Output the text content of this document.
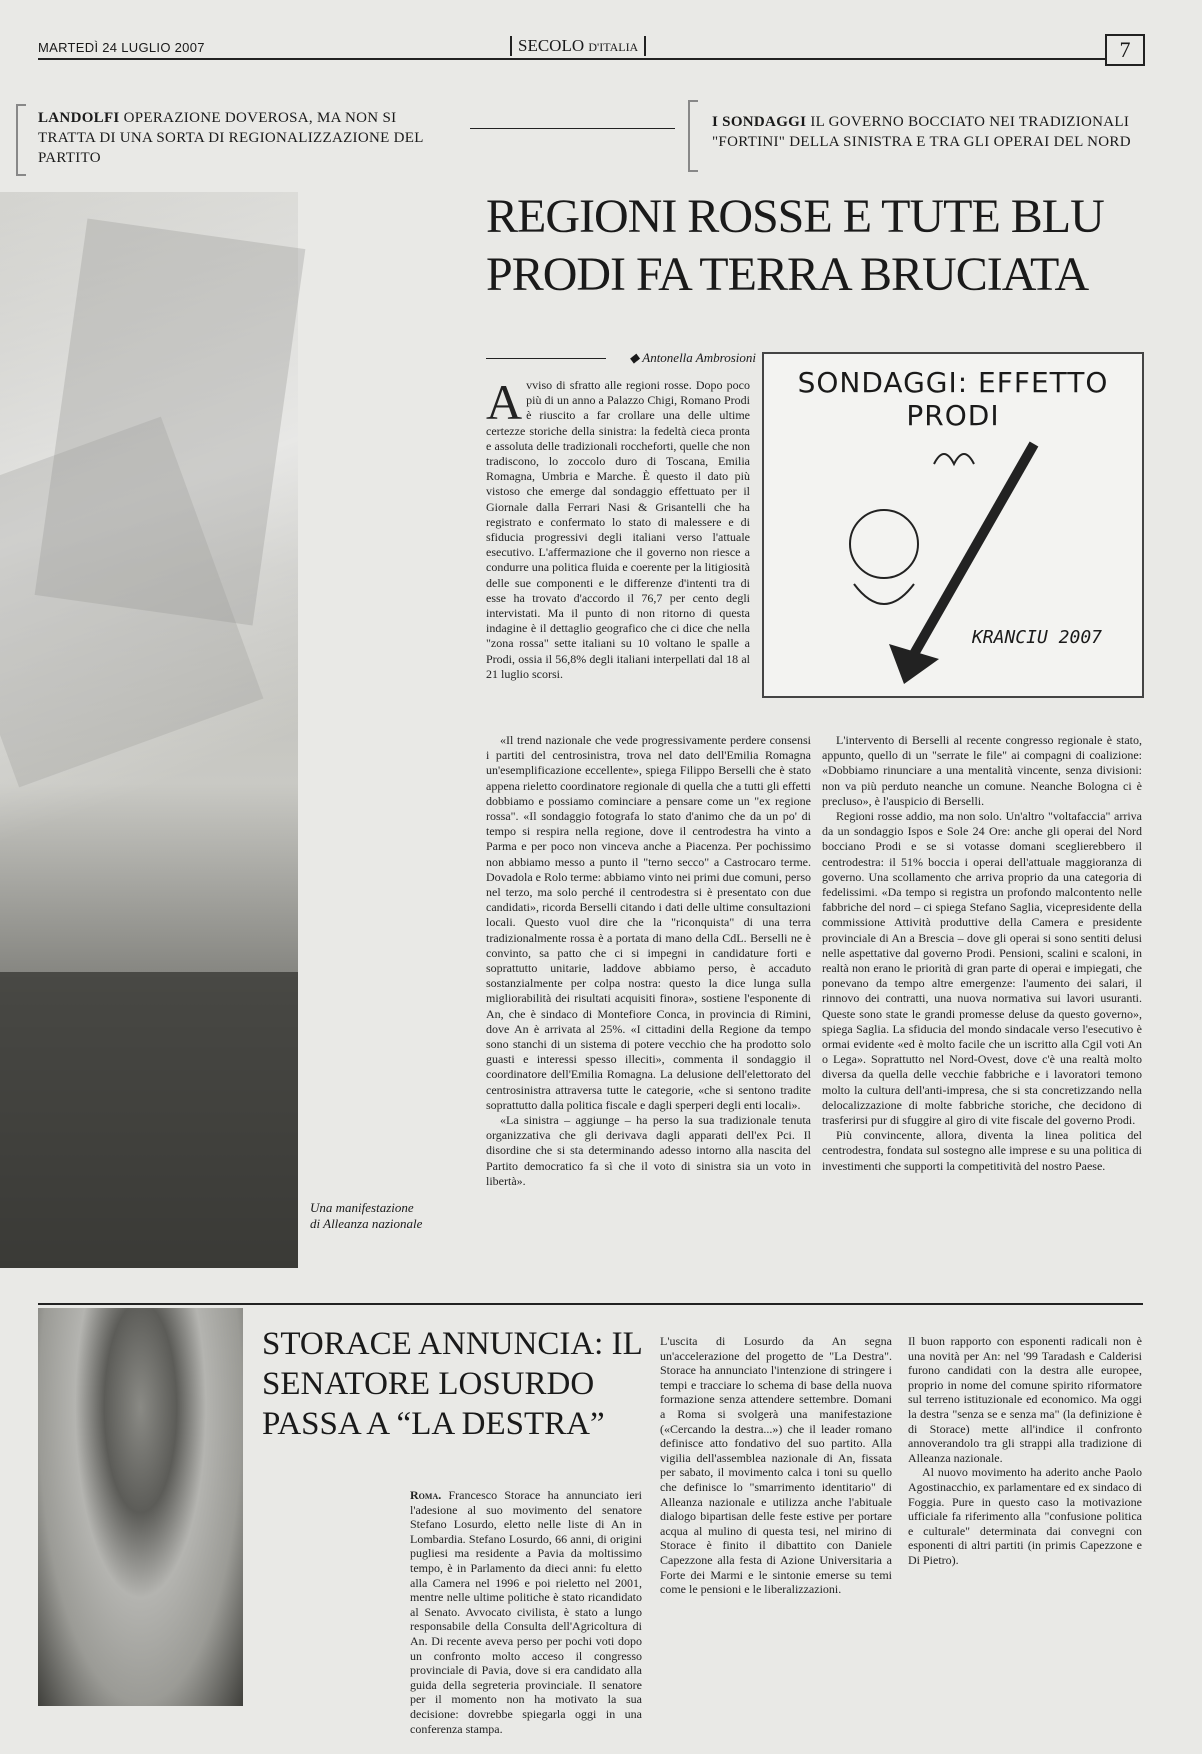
MARTEDÌ 24 LUGLIO 2007	SECOLO D'ITALIA	7
LANDOLFI OPERAZIONE DOVEROSA, MA NON SI TRATTA DI UNA SORTA DI REGIONALIZZAZIONE DEL PARTITO
I SONDAGGI IL GOVERNO BOCCIATO NEI TRADIZIONALI "FORTINI" DELLA SINISTRA E TRA GLI OPERAI DEL NORD
Una manifestazione
di Alleanza nazionale
REGIONI ROSSE E TUTE BLU
PRODI FA TERRA BRUCIATA
◆ Antonella Ambrosioni
SONDAGGI: EFFETTO PRODI
KRANCIU 2007

Avviso di sfratto alle regioni rosse. Dopo poco più di un anno a Palazzo Chigi, Romano Prodi è riuscito a far crollare una delle ultime certezze storiche della sinistra: la fedeltà cieca pronta e assoluta delle tradizionali roccheforti, quelle che non tradiscono, lo zoccolo duro di Toscana, Emilia Romagna, Umbria e Marche. È questo il dato più vistoso che emerge dal sondaggio effettuato per il Giornale dalla Ferrari Nasi & Grisantelli che ha registrato e confermato lo stato di malessere e di sfiducia progressivi degli italiani verso l'attuale esecutivo. L'affermazione che il governo non riesce a condurre una politica fluida e coerente per la litigiosità delle sue componenti e le differenze d'intenti tra di esse ha trovato d'accordo il 76,7 per cento degli intervistati. Ma il punto di non ritorno di questa indagine è il dettaglio geografico che ci dice che nella "zona rossa" sette italiani su 10 voltano le spalle a Prodi, ossia il 56,8% degli italiani interpellati dal 18 al 21 luglio scorsi.

«Il trend nazionale che vede progressivamente perdere consensi i partiti del centrosinistra, trova nel dato dell'Emilia Romagna un'esemplificazione eccellente», spiega Filippo Berselli che è stato appena rieletto coordinatore regionale di quella che a tutti gli effetti dobbiamo e possiamo cominciare a pensare come un "ex regione rossa". «Il sondaggio fotografa lo stato d'animo che da un po' di tempo si respira nella regione, dove il centrodestra ha vinto a Parma e per poco non vinceva anche a Piacenza. Per pochissimo non abbiamo messo a punto il "terno secco" a Castrocaro terme. Dovadola e Rolo terme: abbiamo vinto nei primi due comuni, perso nel terzo, ma solo perché il centrodestra si è presentato con due candidati», ricorda Berselli citando i dati delle ultime consultazioni locali. Questo vuol dire che la "riconquista" di una terra tradizionalmente rossa è a portata di mano della CdL. Berselli ne è convinto, sa patto che ci si impegni in candidature forti e soprattutto unitarie, laddove abbiamo perso, è accaduto sostanzialmente per colpa nostra: questo la dice lunga sulla migliorabilità dei risultati acquisiti finora», sostiene l'esponente di An, che è sindaco di Montefiore Conca, in provincia di Rimini, dove An è arrivata al 25%. «I cittadini della Regione da tempo sono stanchi di un sistema di potere vecchio che ha prodotto solo guasti e interessi spesso illeciti», commenta il sondaggio il coordinatore dell'Emilia Romagna. La delusione dell'elettorato del centrosinistra attraversa tutte le categorie, «che si sentono tradite soprattutto dalla politica fiscale e dagli sperperi degli enti locali».

«La sinistra – aggiunge – ha perso la sua tradizionale tenuta organizzativa che gli derivava dagli apparati dell'ex Pci. Il disordine che si sta determinando adesso intorno alla nascita del Partito democratico fa sì che il voto di sinistra sia un voto in libertà».

L'intervento di Berselli al recente congresso regionale è stato, appunto, quello di un "serrate le file" ai compagni di coalizione: «Dobbiamo rinunciare a una mentalità vincente, senza divisioni: non va più perduto neanche un comune. Neanche Bologna ci è precluso», è l'auspicio di Berselli.

Regioni rosse addio, ma non solo. Un'altro "voltafaccia" arriva da un sondaggio Ispos e Sole 24 Ore: anche gli operai del Nord bocciano Prodi e se si votasse domani sceglierebbero il centrodestra: il 51% boccia i operai dell'attuale maggioranza di governo. Una scollamento che arriva proprio da una categoria di fedelissimi. «Da tempo si registra un profondo malcontento nelle fabbriche del nord – ci spiega Stefano Saglia, vicepresidente della commissione Attività produttive della Camera e presidente provinciale di An a Brescia – dove gli operai si sono sentiti delusi nelle aspettative dal governo Prodi. Pensioni, scalini e scaloni, in realtà non erano le priorità di gran parte di operai e impiegati, che ponevano da tempo altre emergenze: l'aumento dei salari, il rinnovo dei contratti, una nuova normativa sui lavori usuranti. Queste sono state le grandi promesse deluse da questo governo», spiega Saglia. La sfiducia del mondo sindacale verso l'esecutivo è ormai evidente «ed è molto facile che un iscritto alla Cgil voti An o Lega». Soprattutto nel Nord-Ovest, dove c'è una realtà molto diversa da quella delle vecchie fabbriche e i lavoratori temono molto la cultura dell'anti-impresa, che si sta concretizzando nella delocalizzazione di molte fabbriche storiche, che decidono di trasferirsi pur di sfuggire al giro di vite fiscale del governo Prodi.

Più convincente, allora, diventa la linea politica del centrodestra, fondata sul sostegno alle imprese e su una politica di investimenti che supporti la competitività del nostro Paese.

STORACE ANNUNCIA: IL SENATORE LOSURDO PASSA A “LA DESTRA”

Roma. Francesco Storace ha annunciato ieri l'adesione al suo movimento del senatore Stefano Losurdo, eletto nelle liste di An in Lombardia. Stefano Losurdo, 66 anni, di origini pugliesi ma residente a Pavia da moltissimo tempo, è in Parlamento da dieci anni: fu eletto alla Camera nel 1996 e poi rieletto nel 2001, mentre nelle ultime politiche è stato ricandidato al Senato. Avvocato civilista, è stato a lungo responsabile della Consulta dell'Agricoltura di An. Di recente aveva perso per pochi voti dopo un confronto molto acceso il congresso provinciale di Pavia, dove si era candidato alla guida della segreteria provinciale. Il senatore per il momento non ha motivato la sua decisione: dovrebbe spiegarla oggi in una conferenza stampa.

L'uscita di Losurdo da An segna un'accelerazione del progetto de "La Destra". Storace ha annunciato l'intenzione di stringere i tempi e tracciare lo schema di base della nuova formazione senza attendere settembre. Domani a Roma si svolgerà una manifestazione («Cercando la destra...») che il leader romano definisce atto fondativo del suo partito. Alla vigilia dell'assemblea nazionale di An, fissata per sabato, il movimento calca i toni su quello che definisce lo "smarrimento identitario" di Alleanza nazionale e utilizza anche l'abituale dialogo bipartisan delle feste estive per portare acqua al mulino di questa tesi, nel mirino di Storace è finito il dibattito con Daniele Capezzone alla festa di Azione Universitaria a Forte dei Marmi e le sintonie emerse su temi come le pensioni e le liberalizzazioni.

Il buon rapporto con esponenti radicali non è una novità per An: nel '99 Taradash e Calderisi furono candidati con la destra alle europee, proprio in nome del comune spirito riformatore sul terreno istituzionale ed economico. Ma oggi la destra "senza se e senza ma" (la definizione è di Storace) mette all'indice il confronto annoverandolo tra gli strappi alla tradizione di Alleanza nazionale.

Al nuovo movimento ha aderito anche Paolo Agostinacchio, ex parlamentare ed ex sindaco di Foggia. Pure in questo caso la motivazione ufficiale fa riferimento alla "confusione politica e culturale" determinata dai convegni con esponenti di altri partiti (in primis Capezzone e Di Pietro).
